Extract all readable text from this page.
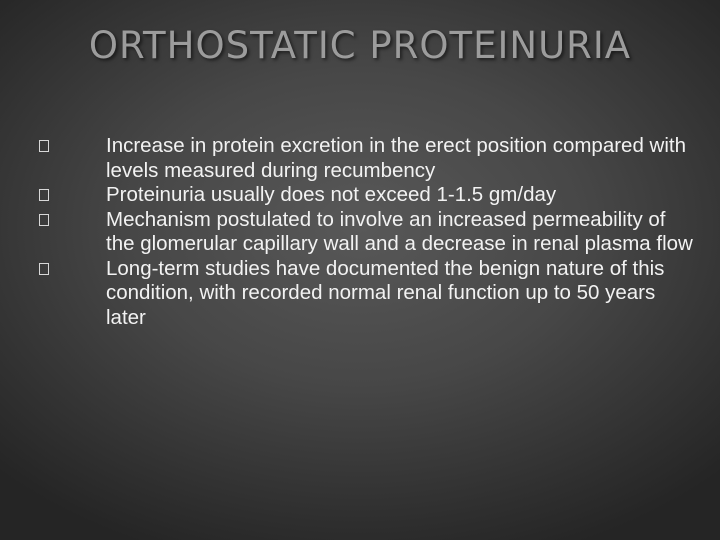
ORTHOSTATIC PROTEINURIA
Increase in protein excretion in the erect position compared with levels measured during recumbency
Proteinuria usually does not exceed 1-1.5 gm/day
Mechanism postulated to involve an increased permeability of the glomerular capillary wall and a decrease in renal plasma flow
Long-term studies have documented the benign nature of this condition, with recorded normal renal function up to 50 years later
